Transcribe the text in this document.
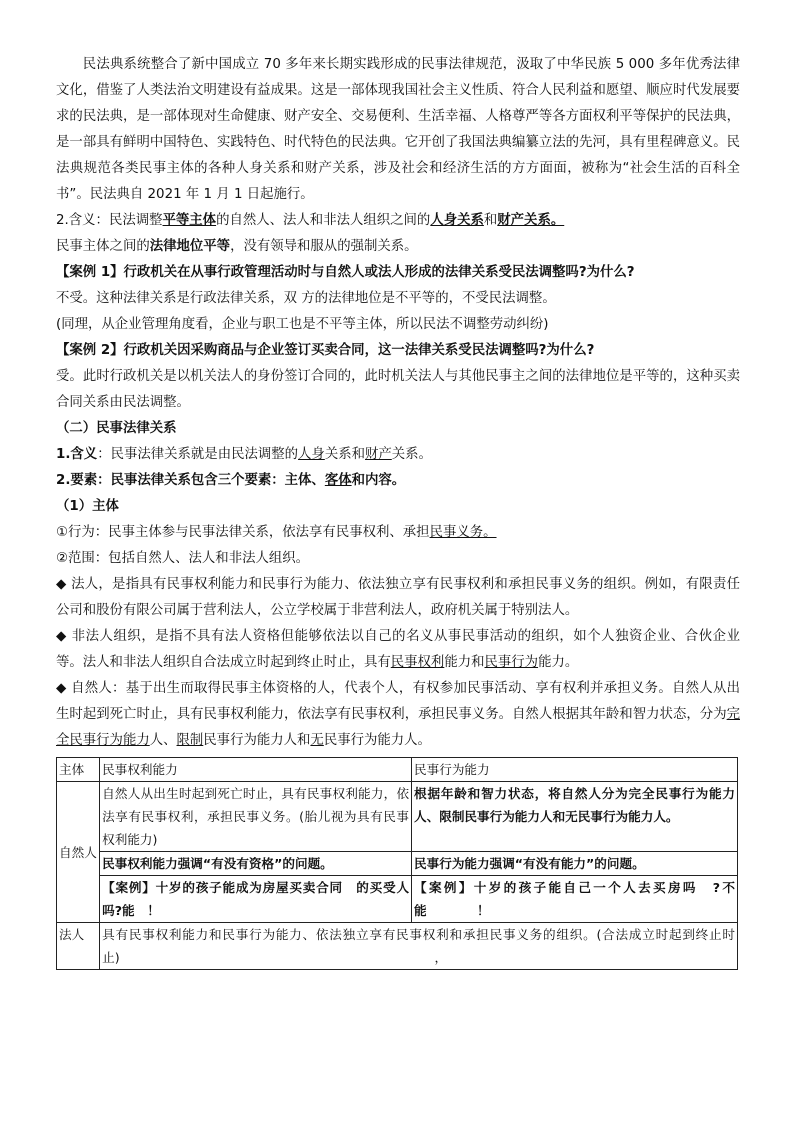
民法典系统整合了新中国成立 70 多年来长期实践形成的民事法律规范，汲取了中华民族 5 000 多年优秀法律文化，借鉴了人类法治文明建设有益成果。这是一部体现我国社会主义性质、符合人民利益和愿望、顺应时代发展要求的民法典，是一部体现对生命健康、财产安全、交易便利、生活幸福、人格尊严等各方面权利平等保护的民法典，是一部具有鲜明中国特色、实践特色、时代特色的民法典。它开创了我国法典编纂立法的先河，具有里程碑意义。民法典规范各类民事主体的各种人身关系和财产关系，涉及社会和经济生活的方方面面，被称为“社会生活的百科全书”。民法典自 2021 年 1 月 1 日起施行。

2.含义：民法调整平等主体的自然人、法人和非法人组织之间的人身关系和财产关系。

民事主体之间的法律地位平等，没有领导和服从的强制关系。

【案例 1】行政机关在从事行政管理活动时与自然人或法人形成的法律关系受民法调整吗?为什么?

不受。这种法律关系是行政法律关系，双 方的法律地位是不平等的，不受民法调整。

(同理，从企业管理角度看，企业与职工也是不平等主体，所以民法不调整劳动纠纷)

【案例 2】行政机关因采购商品与企业签订买卖合同，这一法律关系受民法调整吗?为什么?

受。此时行政机关是以机关法人的身份签订合同的，此时机关法人与其他民事主之间的法律地位是平等的，这种买卖合同关系由民法调整。

（二）民事法律关系

1.含义：民事法律关系就是由民法调整的人身关系和财产关系。

2.要素：民事法律关系包含三个要素：主体、客体和内容。

（1）主体

①行为：民事主体参与民事法律关系，依法享有民事权利、承担民事义务。

②范围：包括自然人、法人和非法人组织。

◆ 法人，是指具有民事权利能力和民事行为能力、依法独立享有民事权利和承担民事义务的组织。例如，有限责任公司和股份有限公司属于营利法人，公立学校属于非营利法人，政府机关属于特别法人。

◆ 非法人组织，是指不具有法人资格但能够依法以自己的名义从事民事活动的组织，如个人独资企业、合伙企业等。法人和非法人组织自合法成立时起到终止时止，具有民事权利能力和民事行为能力。

◆ 自然人：基于出生而取得民事主体资格的人，代表个人，有权参加民事活动、享有权利并承担义务。自然人从出生时起到死亡时止，具有民事权利能力，依法享有民事权利，承担民事义务。自然人根据其年龄和智力状态，分为完全民事行为能力人、限制民事行为能力人和无民事行为能力人。

主体	民事权利能力	民事行为能力
自然人	自然人从出生时起到死亡时止，具有民事权利能力，依法享有民事权利，承担民事义务。(胎儿视为具有民事权利能力)	根据年龄和智力状态，将自然人分为完全民事行为能力人、限制民事行为能力人和无民事行为能力人。
	民事权利能力强调“有没有资格”的问题。	民事行为能力强调“有没有能力”的问题。
	【案例】十岁的孩子能成为房屋买卖合同　的买受人吗?能　！	【案例】十岁的孩子能自己一个人去买房吗　?不　能　　　　！
法人	具有民事权利能力和民事行为能力、依法独立享有民事权利和承担民事义务的组织。(合法成立时起到终止时止)　　　　　　　　　　　　　　　　　　　　　　　　　，	
